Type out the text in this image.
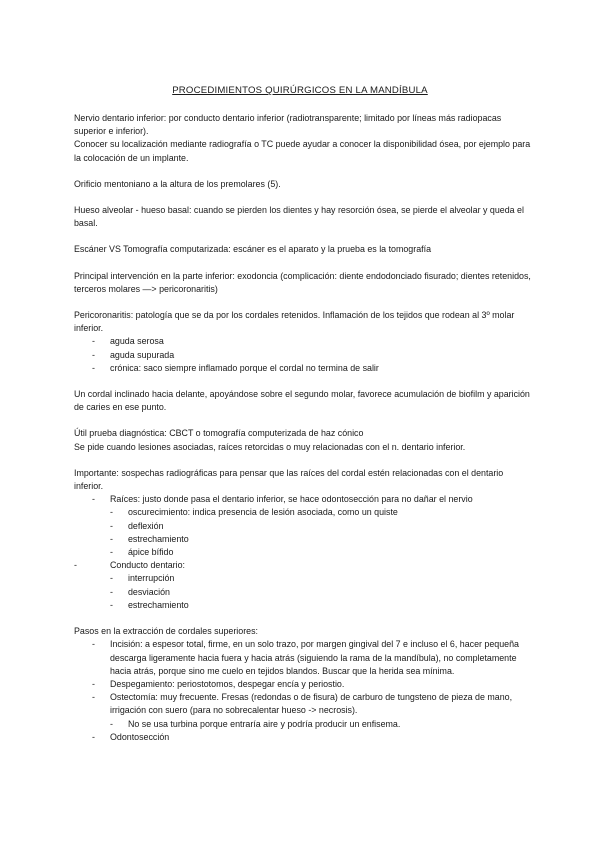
PROCEDIMIENTOS QUIRÚRGICOS EN LA MANDÍBULA

Nervio dentario inferior: por conducto dentario inferior (radiotransparente; limitado por líneas más radiopacas superior e inferior).

Conocer su localización mediante radiografía o TC puede ayudar a conocer la disponibilidad ósea, por ejemplo para la colocación de un implante.

Orificio mentoniano a la altura de los premolares (5).

Hueso alveolar - hueso basal: cuando se pierden los dientes y hay resorción ósea, se pierde el alveolar y queda el basal.

Escáner VS Tomografía computarizada: escáner es el aparato y la prueba es la tomografía

Principal intervención en la parte inferior: exodoncia (complicación: diente endodonciado fisurado; dientes retenidos, terceros molares —> pericoronaritis)

Pericoronaritis: patología que se da por los cordales retenidos. Inflamación de los tejidos que rodean al 3º molar inferior.

- aguda serosa
- aguda supurada
- crónica: saco siempre inflamado porque el cordal no termina de salir

Un cordal inclinado hacia delante, apoyándose sobre el segundo molar, favorece acumulación de biofilm y aparición de caries en ese punto.

Útil prueba diagnóstica: CBCT o tomografía computerizada de haz cónico

Se pide cuando lesiones asociadas, raíces retorcidas o muy relacionadas con el n. dentario inferior.

Importante: sospechas radiográficas para pensar que las raíces del cordal estén relacionadas con el dentario inferior.

- Raíces: justo donde pasa el dentario inferior, se hace odontosección para no dañar el nervio
- oscurecimiento: indica presencia de lesión asociada, como un quiste
- deflexión
- estrechamiento
- ápice bífido
- Conducto dentario:
- interrupción
- desviación
- estrechamiento

Pasos en la extracción de cordales superiores:

- Incisión: a espesor total, firme, en un solo trazo, por margen gingival del 7 e incluso el 6, hacer pequeña descarga ligeramente hacia fuera y hacia atrás (siguiendo la rama de la mandíbula), no completamente hacia atrás, porque sino me cuelo en tejidos blandos. Buscar que la herida sea mínima.
- Despegamiento: periostotomos, despegar encía y periostio.
- Ostectomía: muy frecuente. Fresas (redondas o de fisura) de carburo de tungsteno de pieza de mano, irrigación con suero (para no sobrecalentar hueso -> necrosis).
- No se usa turbina porque entraría aire y podría producir un enfisema.
- Odontosección
